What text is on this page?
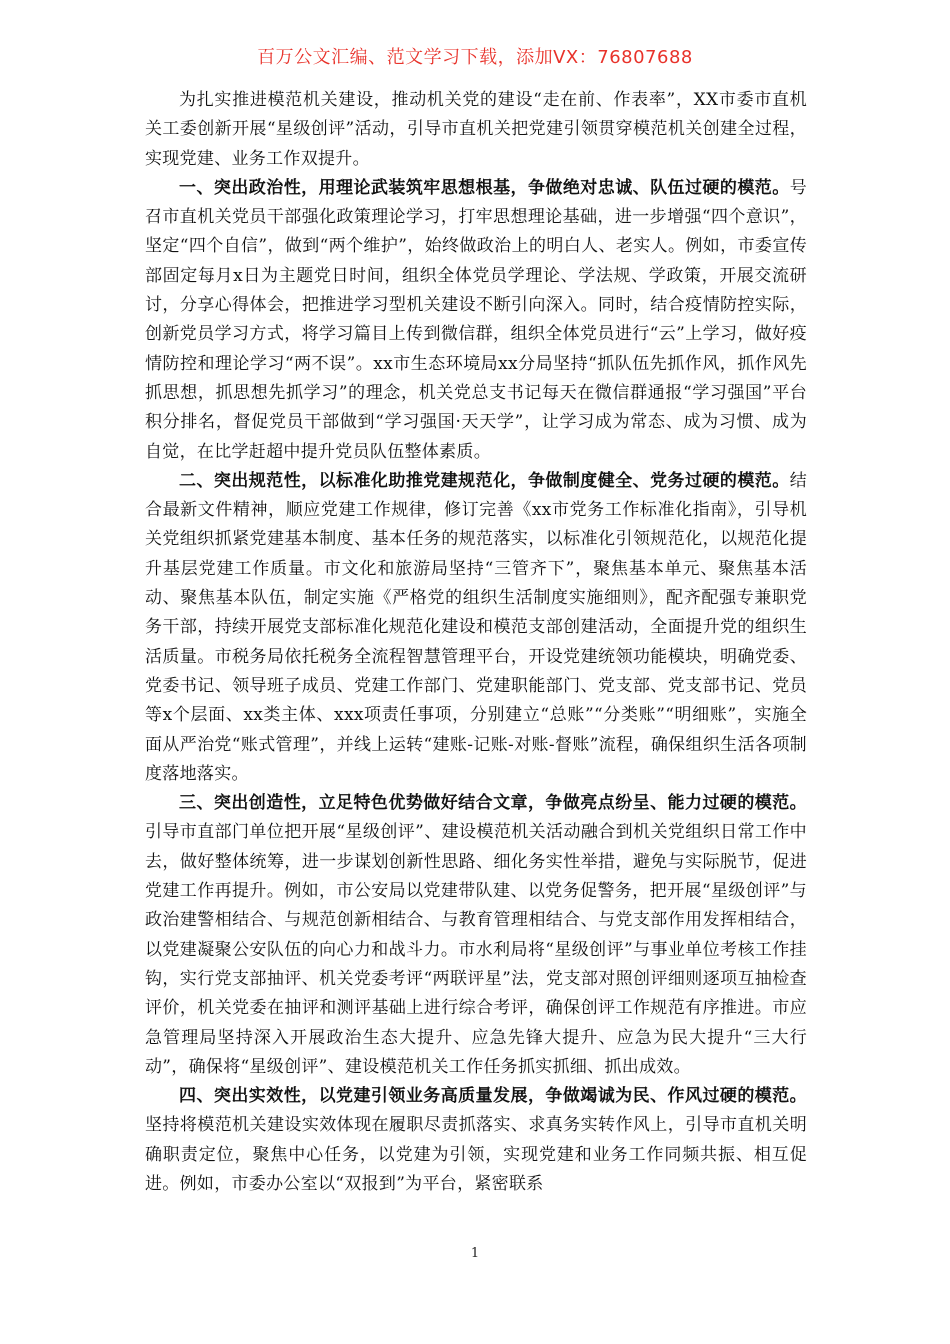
百万公文汇编、范文学习下载，添加VX：76807688

为扎实推进模范机关建设，推动机关党的建设“走在前、作表率”，XX市委市直机关工委创新开展“星级创评”活动，引导市直机关把党建引领贯穿模范机关创建全过程，实现党建、业务工作双提升。

一、突出政治性，用理论武装筑牢思想根基，争做绝对忠诚、队伍过硬的模范。号召市直机关党员干部强化政策理论学习，打牢思想理论基础，进一步增强“四个意识”，坚定“四个自信”，做到“两个维护”，始终做政治上的明白人、老实人。例如，市委宣传部固定每月x日为主题党日时间，组织全体党员学理论、学法规、学政策，开展交流研讨，分享心得体会，把推进学习型机关建设不断引向深入。同时，结合疫情防控实际，创新党员学习方式，将学习篇目上传到微信群，组织全体党员进行“云”上学习，做好疫情防控和理论学习“两不误”。xx市生态环境局xx分局坚持“抓队伍先抓作风，抓作风先抓思想，抓思想先抓学习”的理念，机关党总支书记每天在微信群通报“学习强国”平台积分排名，督促党员干部做到“学习强国·天天学”，让学习成为常态、成为习惯、成为自觉，在比学赶超中提升党员队伍整体素质。

二、突出规范性，以标准化助推党建规范化，争做制度健全、党务过硬的模范。结合最新文件精神，顺应党建工作规律，修订完善《xx市党务工作标准化指南》，引导机关党组织抓紧党建基本制度、基本任务的规范落实，以标准化引领规范化，以规范化提升基层党建工作质量。市文化和旅游局坚持“三管齐下”，聚焦基本单元、聚焦基本活动、聚焦基本队伍，制定实施《严格党的组织生活制度实施细则》，配齐配强专兼职党务干部，持续开展党支部标准化规范化建设和模范支部创建活动，全面提升党的组织生活质量。市税务局依托税务全流程智慧管理平台，开设党建统领功能模块，明确党委、党委书记、领导班子成员、党建工作部门、党建职能部门、党支部、党支部书记、党员等x个层面、xx类主体、xxx项责任事项，分别建立“总账”“分类账”“明细账”，实施全面从严治党“账式管理”，并线上运转“建账-记账-对账-督账”流程，确保组织生活各项制度落地落实。

三、突出创造性，立足特色优势做好结合文章，争做亮点纷呈、能力过硬的模范。引导市直部门单位把开展“星级创评”、建设模范机关活动融合到机关党组织日常工作中去，做好整体统筹，进一步谋划创新性思路、细化务实性举措，避免与实际脱节，促进党建工作再提升。例如，市公安局以党建带队建、以党务促警务，把开展“星级创评”与政治建警相结合、与规范创新相结合、与教育管理相结合、与党支部作用发挥相结合，以党建凝聚公安队伍的向心力和战斗力。市水利局将“星级创评”与事业单位考核工作挂钩，实行党支部抽评、机关党委考评“两联评星”法，党支部对照创评细则逐项互抽检查评价，机关党委在抽评和测评基础上进行综合考评，确保创评工作规范有序推进。市应急管理局坚持深入开展政治生态大提升、应急先锋大提升、应急为民大提升“三大行动”，确保将“星级创评”、建设模范机关工作任务抓实抓细、抓出成效。

四、突出实效性，以党建引领业务高质量发展，争做竭诚为民、作风过硬的模范。坚持将模范机关建设实效体现在履职尽责抓落实、求真务实转作风上，引导市直机关明确职责定位，聚焦中心任务，以党建为引领，实现党建和业务工作同频共振、相互促进。例如，市委办公室以“双报到”为平台，紧密联系

1
